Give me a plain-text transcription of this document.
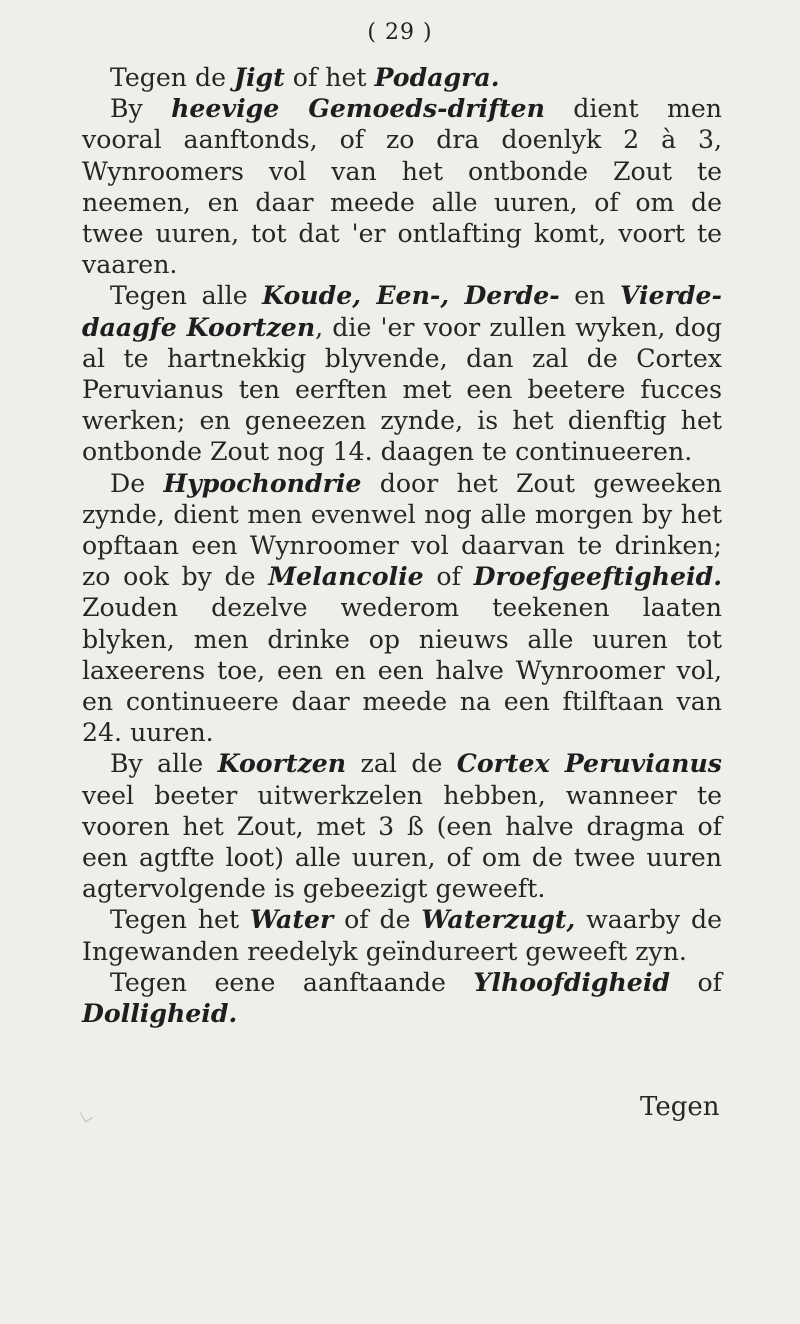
( 29 )

Tegen de Jigt of het Podagra.

By heevige Gemoeds-driften dient men vooral aanftonds, of zo dra doenlyk 2 à 3, Wynroomers vol van het ontbonde Zout te neemen, en daar meede alle uuren, of om de twee uuren, tot dat 'er ontlafting komt, voort te vaaren.

Tegen alle Koude, Een-, Derde- en Vierde-daagfe Koortzen, die 'er voor zullen wyken, dog al te hartnekkig blyvende, dan zal de Cortex Peruvianus ten eerften met een beetere fucces werken; en geneezen zynde, is het dienftig het ontbonde Zout nog 14. daagen te continueeren.

De Hypochondrie door het Zout geweeken zynde, dient men evenwel nog alle morgen by het opftaan een Wynroomer vol daarvan te drinken; zo ook by de Melancolie of Droefgeeftigheid. Zouden dezelve wederom teekenen laaten blyken, men drinke op nieuws alle uuren tot laxeerens toe, een en een halve Wynroomer vol, en continueere daar meede na een ftilftaan van 24. uuren.

By alle Koortzen zal de Cortex Peruvianus veel beeter uitwerkzelen hebben, wanneer te vooren het Zout, met 3 ß (een halve dragma of een agtfte loot) alle uuren, of om de twee uuren agtervolgende is gebeezigt geweeft.

Tegen het Water of de Waterzugt, waarby de Ingewanden reedelyk geïndureert geweeft zyn.

Tegen eene aanftaande Ylhoofdigheid of Dolligheid.

Tegen
